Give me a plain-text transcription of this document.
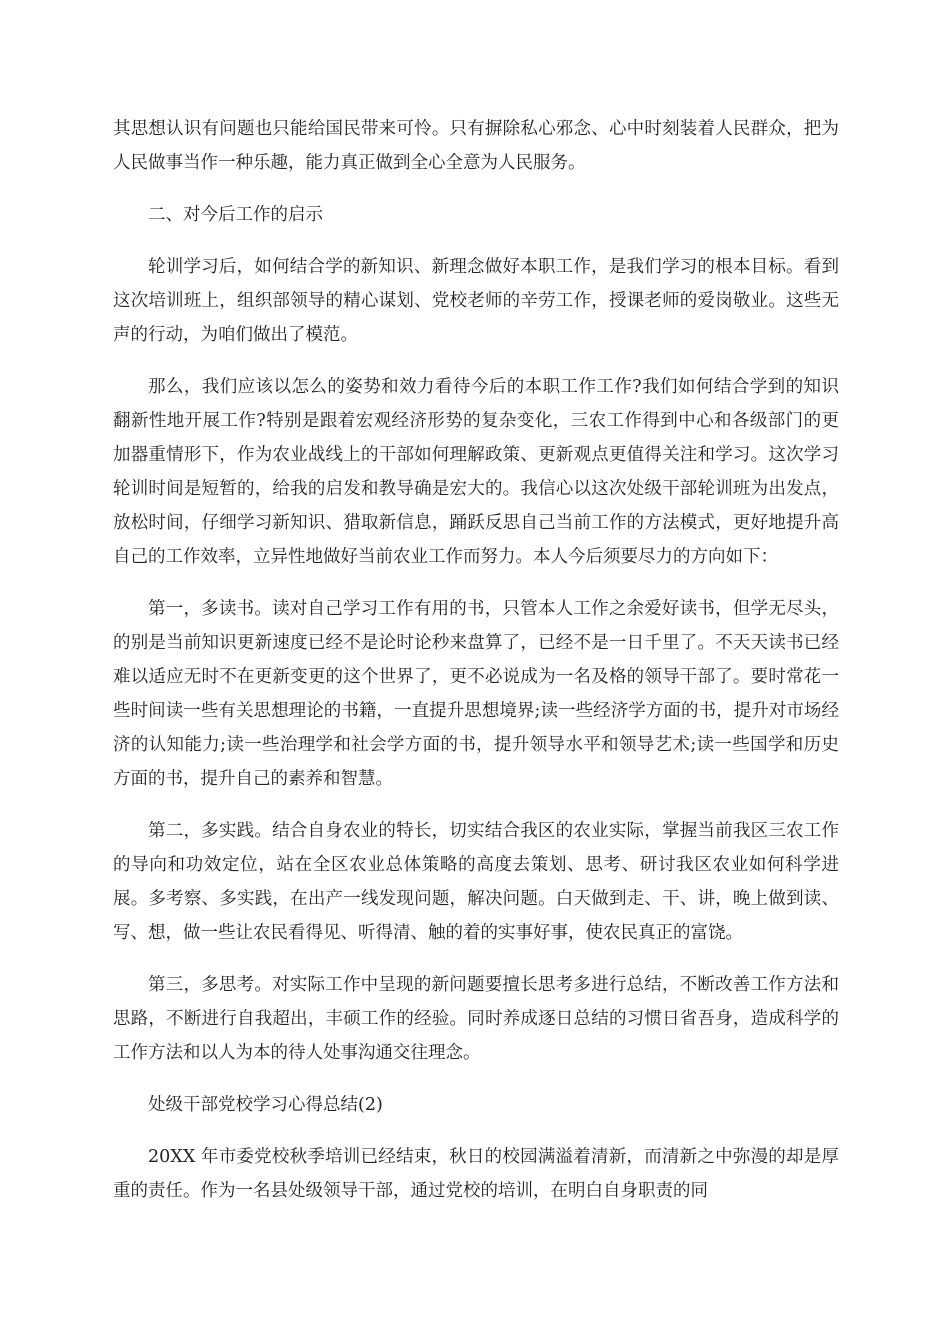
其思想认识有问题也只能给国民带来可怜。只有摒除私心邪念、心中时刻装着人民群众，把为人民做事当作一种乐趣，能力真正做到全心全意为人民服务。

二、对今后工作的启示

轮训学习后，如何结合学的新知识、新理念做好本职工作，是我们学习的根本目标。看到这次培训班上，组织部领导的精心谋划、党校老师的辛劳工作，授课老师的爱岗敬业。这些无声的行动，为咱们做出了模范。

那么，我们应该以怎么的姿势和效力看待今后的本职工作工作?我们如何结合学到的知识翻新性地开展工作?特别是跟着宏观经济形势的复杂变化，三农工作得到中心和各级部门的更加器重情形下，作为农业战线上的干部如何理解政策、更新观点更值得关注和学习。这次学习轮训时间是短暂的，给我的启发和教导确是宏大的。我信心以这次处级干部轮训班为出发点，放松时间，仔细学习新知识、猎取新信息，踊跃反思自己当前工作的方法模式，更好地提升高自己的工作效率，立异性地做好当前农业工作而努力。本人今后须要尽力的方向如下：

第一，多读书。读对自己学习工作有用的书，只管本人工作之余爱好读书，但学无尽头，的别是当前知识更新速度已经不是论时论秒来盘算了，已经不是一日千里了。不天天读书已经难以适应无时不在更新变更的这个世界了，更不必说成为一名及格的领导干部了。要时常花一些时间读一些有关思想理论的书籍，一直提升思想境界;读一些经济学方面的书，提升对市场经济的认知能力;读一些治理学和社会学方面的书，提升领导水平和领导艺术;读一些国学和历史方面的书，提升自己的素养和智慧。

第二，多实践。结合自身农业的特长，切实结合我区的农业实际，掌握当前我区三农工作的导向和功效定位，站在全区农业总体策略的高度去策划、思考、研讨我区农业如何科学进展。多考察、多实践，在出产一线发现问题，解决问题。白天做到走、干、讲，晚上做到读、写、想，做一些让农民看得见、听得清、触的着的实事好事，使农民真正的富饶。

第三，多思考。对实际工作中呈现的新问题要擅长思考多进行总结，不断改善工作方法和思路，不断进行自我超出，丰硕工作的经验。同时养成逐日总结的习惯日省吾身，造成科学的工作方法和以人为本的待人处事沟通交往理念。

处级干部党校学习心得总结(2)

20XX 年市委党校秋季培训已经结束，秋日的校园满溢着清新，而清新之中弥漫的却是厚重的责任。作为一名县处级领导干部，通过党校的培训，在明白自身职责的同
